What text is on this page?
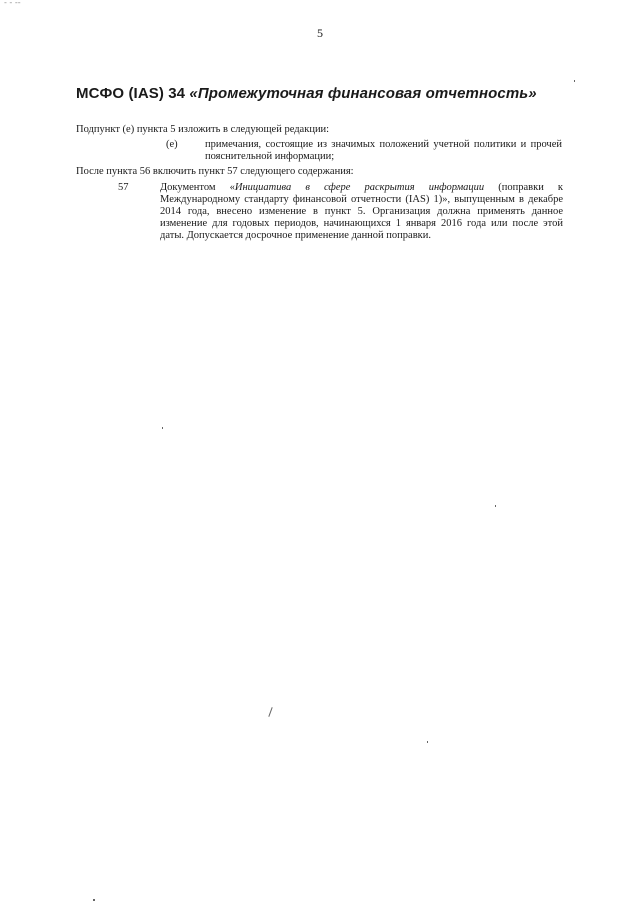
‐ ‐ ‐‐
5
МСФО (IAS) 34 «Промежуточная финансовая отчетность»
Подпункт (е) пункта 5 изложить в следующей редакции:
(е)	примечания, состоящие из значимых положений учетной политики и прочей пояснительной информации;
После пункта 56 включить пункт 57 следующего содержания:
57	Документом «Инициатива в сфере раскрытия информации (поправки к Международному стандарту финансовой отчетности (IAS) 1)», выпущенным в декабре 2014 года, внесено изменение в пункт 5. Организация должна применять данное изменение для годовых периодов, начинающихся 1 января 2016 года или после этой даты. Допускается досрочное применение данной поправки.
